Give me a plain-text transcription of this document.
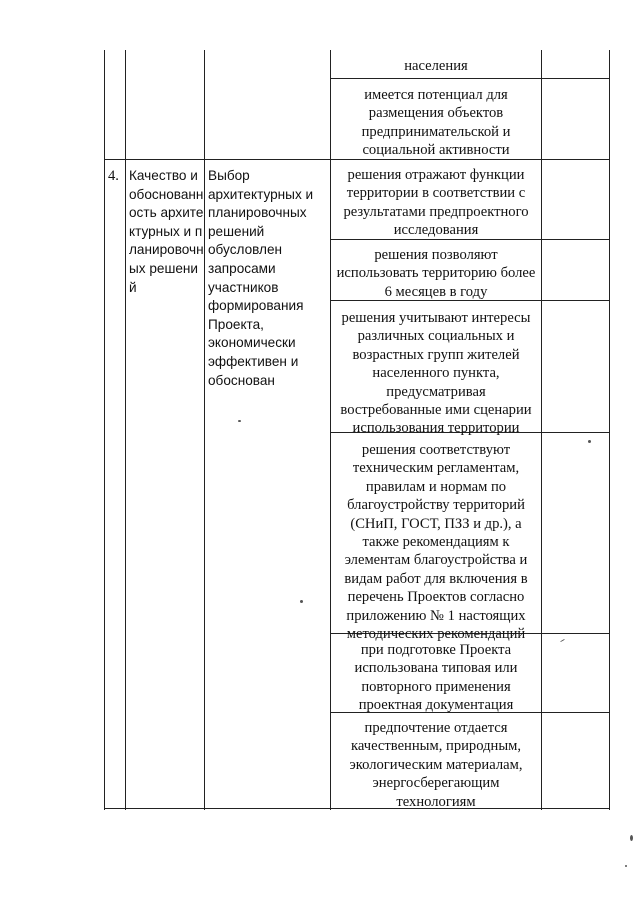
населения
имеется потенциал для размещения объектов предпринимательской и социальной активности
4. Качество и обоснованность архитектурных и планировочных решений
Выбор архитектурных и планировочных решений обусловлен запросами участников формирования Проекта, экономически эффективен и обоснован
решения отражают функции территории в соответствии с результатами предпроектного исследования
решения позволяют использовать территорию более 6 месяцев в году
решения учитывают интересы различных социальных и возрастных групп жителей населенного пункта, предусматривая востребованные ими сценарии использования территории
решения соответствуют техническим регламентам, правилам и нормам по благоустройству территорий (СНиП, ГОСТ, ПЗЗ и др.), а также рекомендациям к элементам благоустройства и видам работ для включения в перечень Проектов согласно приложению № 1 настоящих методических рекомендаций
при подготовке Проекта использована типовая или повторного применения проектная документация
предпочтение отдается качественным, природным, экологическим материалам, энергосберегающим технологиям
